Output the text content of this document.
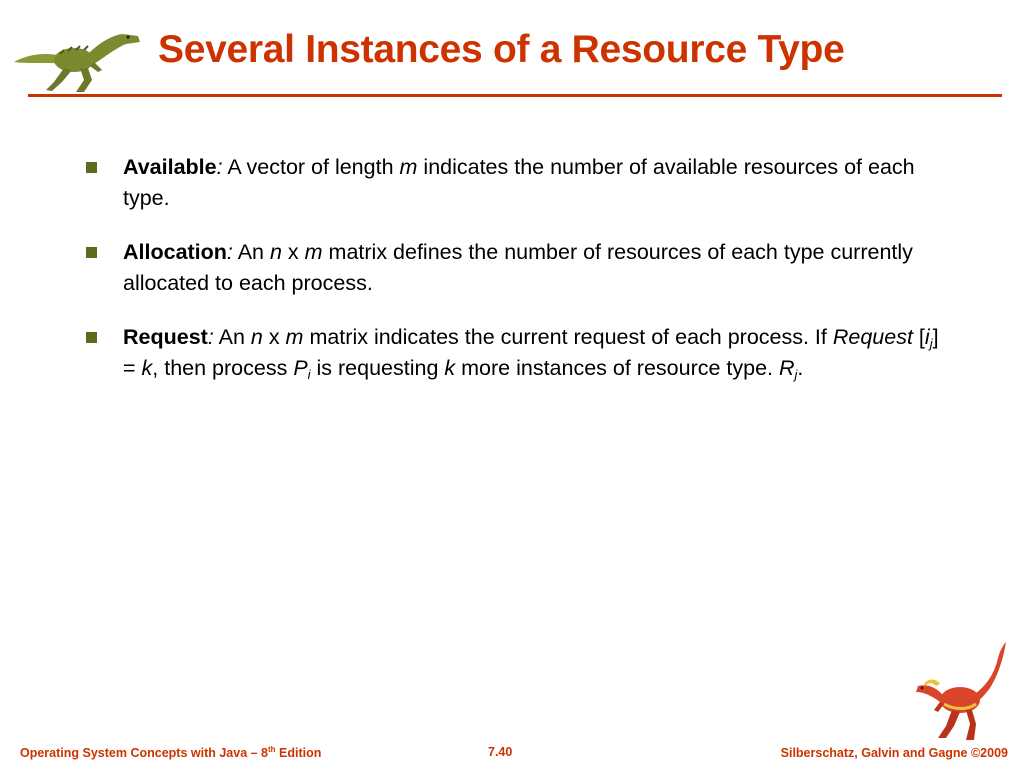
Several Instances of a Resource Type
Available: A vector of length m indicates the number of available resources of each type.
Allocation: An n x m matrix defines the number of resources of each type currently allocated to each process.
Request: An n x m matrix indicates the current request of each process. If Request $[i_j] = k$, then process $P_i$ is requesting k more instances of resource type. $R_j$.
Operating System Concepts with Java – 8th Edition	7.40	Silberschatz, Galvin and Gagne ©2009
